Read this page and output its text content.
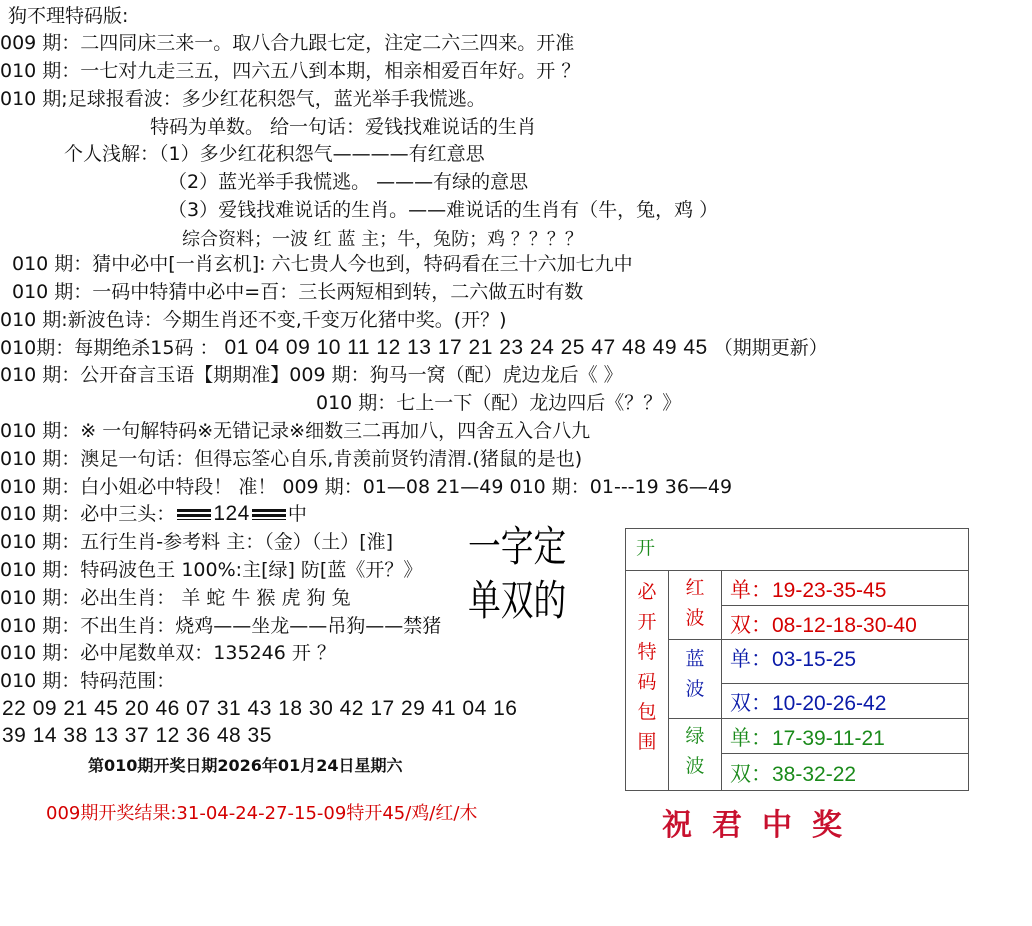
狗不理特码版:
009 期：二四同床三来一。取八合九跟七定，注定二六三四来。开准
010 期：一七对九走三五，四六五八到本期，相亲相爱百年好。开 ？
010 期;足球报看波：多少红花积怨气，蓝光举手我慌逃。
特码为单数。 给一句话：爱钱找难说话的生肖
个人浅解：（1）多少红花积怨气————有红意思
（2）蓝光举手我慌逃。 ———有绿的意思
（3）爱钱找难说话的生肖。——难说话的生肖有（牛，兔，鸡 ）
综合资料；一波 红 蓝 主；牛，兔防；鸡 ？？？？
010 期：猜中必中[一肖玄机]: 六七贵人今也到，特码看在三十六加七九中
010 期：一码中特猜中必中=百：三长两短相到转，二六做五时有数
010 期:新波色诗：今期生肖还不变,千变万化猪中奖。(开？)
010期：每期绝杀15码 ： 01 04 09 10 11 12 13 17 21 23 24 25 47 48 49 45 （期期更新）
010 期：公开奋言玉语【期期准】009 期：狗马一窝（配）虎边龙后《 》
010 期：七上一下（配）龙边四后《？？》
010 期：※ 一句解特码※无错记录※细数三二再加八，四舍五入合八九
010 期：澳足一句话：但得忘筌心自乐,肯羡前贤钓清渭.(猪鼠的是也)
010 期：白小姐必中特段！ 准！ 009 期：01—08 21—49 010 期：01---19 36—49
010 期：必中三头： 124 中
010 期：五行生肖-参考料 主：（金）（土）[淮]
010 期：特码波色王 100%:主[绿] 防[蓝《开？》
010 期：必出生肖： 羊 蛇 牛 猴 虎 狗 兔
010 期：不出生肖：烧鸡——坐龙——吊狗——禁猪
010 期：必中尾数单双：135246 开 ？
010 期：特码范围：
22 09 21 45 20 46 07 31 43 18 30 42 17 29 41 04 16
39 14 38 13 37 12 36 48 35
第010期开奖日期2026年01月24日星期六
009期开奖结果:31-04-24-27-15-09特开45/鸡/红/木
一字定单双的
开
必开特码包围
红波
单：19-23-35-45
双：08-12-18-30-40
蓝波
单：03-15-25
双：10-20-26-42
绿波
单：17-39-11-21
双：38-32-22
祝君中奖
